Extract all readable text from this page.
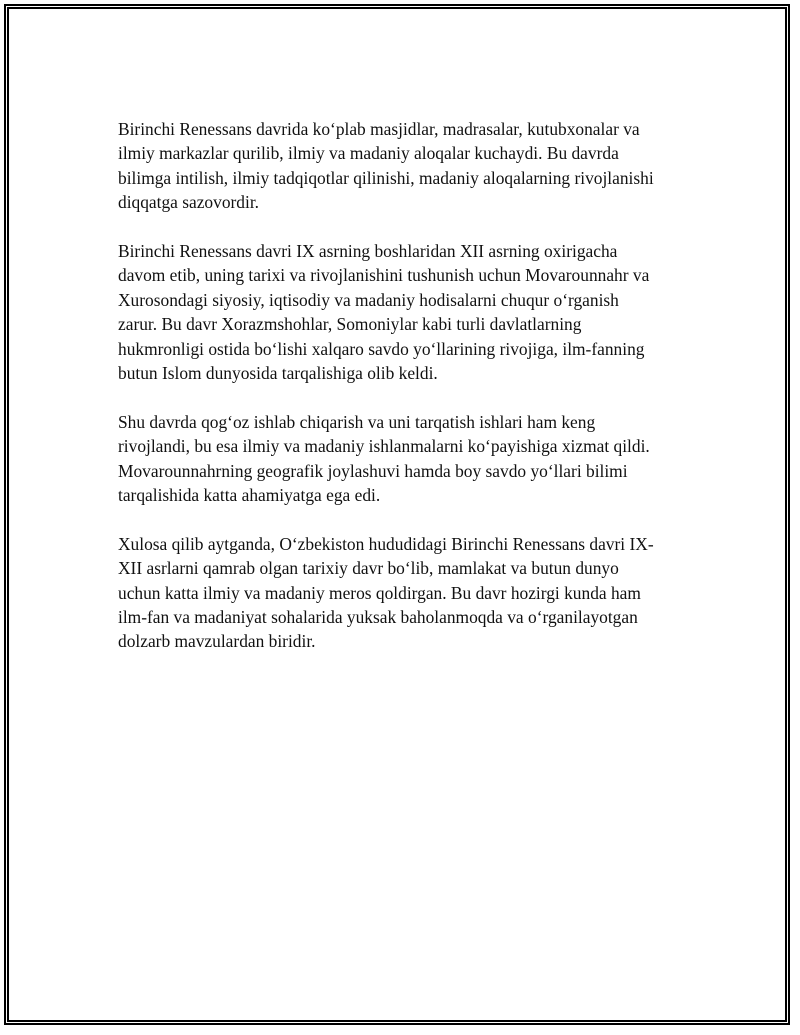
Birinchi Renessans davrida ko‘plab masjidlar, madrasalar, kutubxonalar va
ilmiy markazlar qurilib, ilmiy va madaniy aloqalar kuchaydi. Bu davrda
bilimga intilish, ilmiy tadqiqotlar qilinishi, madaniy aloqalarning rivojlanishi
diqqatga sazovordir.

Birinchi Renessans davri IX asrning boshlaridan XII asrning oxirigacha
davom etib, uning tarixi va rivojlanishini tushunish uchun Movarounnahr va
Xurosondagi siyosiy, iqtisodiy va madaniy hodisalarni chuqur o‘rganish
zarur. Bu davr Xorazmshohlar, Somoniylar kabi turli davlatlarning
hukmronligi ostida bo‘lishi xalqaro savdo yo‘llarining rivojiga, ilm-fanning
butun Islom dunyosida tarqalishiga olib keldi.

Shu davrda qog‘oz ishlab chiqarish va uni tarqatish ishlari ham keng
rivojlandi, bu esa ilmiy va madaniy ishlanmalarni ko‘payishiga xizmat qildi.
Movarounnahrning geografik joylashuvi hamda boy savdo yo‘llari bilimi
tarqalishida katta ahamiyatga ega edi.

Xulosa qilib aytganda, O‘zbekiston hududidagi Birinchi Renessans davri IX-
XII asrlarni qamrab olgan tarixiy davr bo‘lib, mamlakat va butun dunyo
uchun katta ilmiy va madaniy meros qoldirgan. Bu davr hozirgi kunda ham
ilm-fan va madaniyat sohalarida yuksak baholanmoqda va o‘rganilayotgan
dolzarb mavzulardan biridir.
